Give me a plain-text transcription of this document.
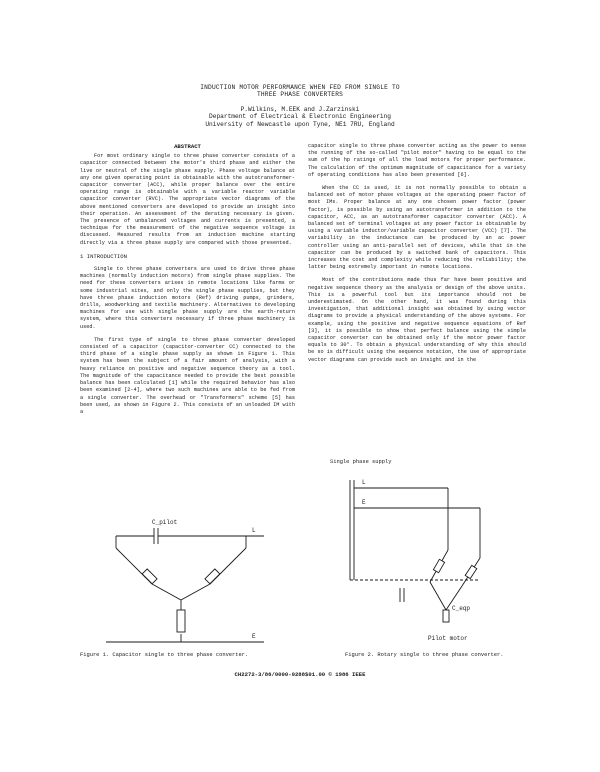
INDUCTION MOTOR PERFORMANCE WHEN FED FROM SINGLE TO
THREE PHASE CONVERTERS
P.Wilkins, M.EEK and J.Zarzinski
Department of Electrical & Electronic Engineering
University of Newcastle upon Tyne, NE1 7RU, England
ABSTRACT

For most ordinary single to three phase converter consists of a capacitor connected between the motor's third phase and either the live or neutral of the single phase supply. Phase voltage balance at any one given operating point is obtainable with the autotransformer-capacitor converter (ACC), while proper balance over the entire operating range is obtainable with a variable reactor variable capacitor converter (RVC). The appropriate vector diagrams of the above mentioned converters are developed to provide an insight into their operation. An assessment of the derating necessary is given. The presence of unbalanced voltages and currents is presented, a technique for the measurement of the negative sequence voltage is discussed. Measured results from an induction machine starting directly via a three phase supply are compared with those presented.

1 INTRODUCTION

Single to three phase converters are used to drive three phase machines (normally induction motors) from single phase supplies. The need for these converters arises in remote locations like farms or some industrial sites, and only the single phase supplies, but they have three phase induction motors (Ref) driving pumps, grinders, drills, woodworking and textile machinery. Alternatives to developing machines for use with single phase supply are the earth-return system, where this converters necessary if three phase machinery is used.

The first type of single to three phase converter developed consisted of a capacitor (capacitor-converter CC) connected to the third phase of a single phase supply as shown in Figure 1. This system has been the subject of a fair amount of analysis, with a heavy reliance on positive and negative sequence theory as a tool. The magnitude of the capacitance needed to provide the best possible balance has been calculated [1] while the required behavior has also been examined [2-4], where two such machines are able to be fed from a single converter. The overhead or "Transformers" scheme [5] has been used, as shown in Figure 2. This consists of an unloaded IM with a

capacitor single to three phase converter acting as the power to sense the running of the so-called "pilot motor" having to be equal to the sum of the hp ratings of all the load motors for proper performance. The calculation of the optimum magnitude of capacitance for a variety of operating conditions has also been presented [6].

When the CC is used, it is not normally possible to obtain a balanced set of motor phase voltages at the operating power factor of most IMs. Proper balance at any one chosen power factor (power factor), is possible by using an autotransformer in addition to the capacitor, ACC, as an autotransformer capacitor converter (ACC). A balanced set of terminal voltages at any power factor is obtainable by using a variable inductor/variable capacitor converter (VCC) [7]. The variability in the inductance can be produced by an ac power controller using an anti-parallel set of devices, while that in the capacitor can be produced by a switched bank of capacitors. This increases the cost and complexity while reducing the reliability; the latter being extremely important in remote locations.

Most of the contributions made thus far have been positive and negative sequence theory as the analysis or design of the above units. This is a powerful tool but its importance should not be underestimated. On the other hand, it was found during this investigation, that additional insight was obtained by using vector diagrams to provide a physical understanding of the above systems. For example, using the positive and negative sequence equations of Ref [3], it is possible to show that perfect balance using the simple capacitor converter can be obtained only if the motor power factor equals to 30°. To obtain a physical understanding of why this should be so is difficult using the sequence notation, the use of appropriate vector diagrams can provide such an insight and in the

C_pilot
L
E
Single phase supply
L
E
C_eqp
Pilot motor
Figure 1. Capacitor single to three phase converter.	Figure 2. Rotary single to three phase converter.
CH2272-3/86/0000-0288$01.00 © 1986 IEEE
